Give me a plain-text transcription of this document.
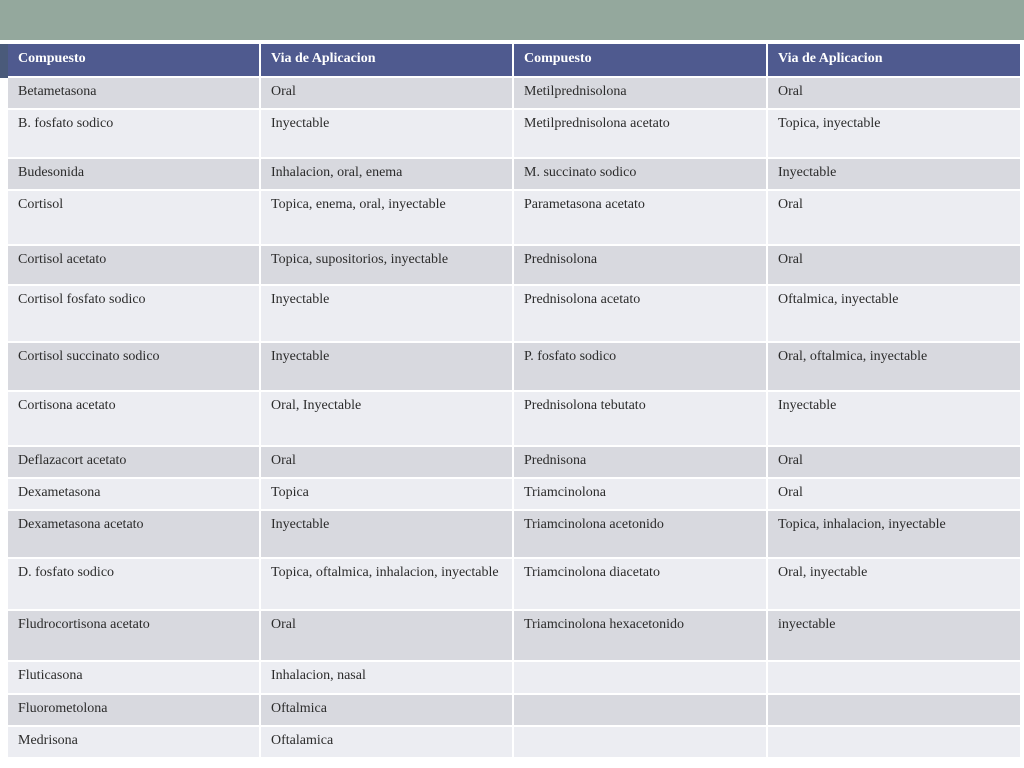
Compuesto	Via de Aplicacion	Compuesto	Via de Aplicacion
Betametasona	Oral	Metilprednisolona	Oral
B. fosfato sodico	Inyectable	Metilprednisolona acetato	Topica, inyectable
Budesonida	Inhalacion, oral, enema	M. succinato sodico	Inyectable
Cortisol	Topica, enema, oral, inyectable	Parametasona acetato	Oral
Cortisol acetato	Topica, supositorios, inyectable	Prednisolona	Oral
Cortisol fosfato sodico	Inyectable	Prednisolona acetato	Oftalmica, inyectable
Cortisol succinato sodico	Inyectable	P. fosfato sodico	Oral, oftalmica, inyectable
Cortisona acetato	Oral, Inyectable	Prednisolona tebutato	Inyectable
Deflazacort acetato	Oral	Prednisona	Oral
Dexametasona	Topica	Triamcinolona	Oral
Dexametasona acetato	Inyectable	Triamcinolona acetonido	Topica, inhalacion, inyectable
D. fosfato sodico	Topica, oftalmica, inhalacion, inyectable	Triamcinolona diacetato	Oral, inyectable
Fludrocortisona acetato	Oral	Triamcinolona hexacetonido	inyectable
Fluticasona	Inhalacion, nasal		
Fluorometolona	Oftalmica		
Medrisona	Oftalamica		
